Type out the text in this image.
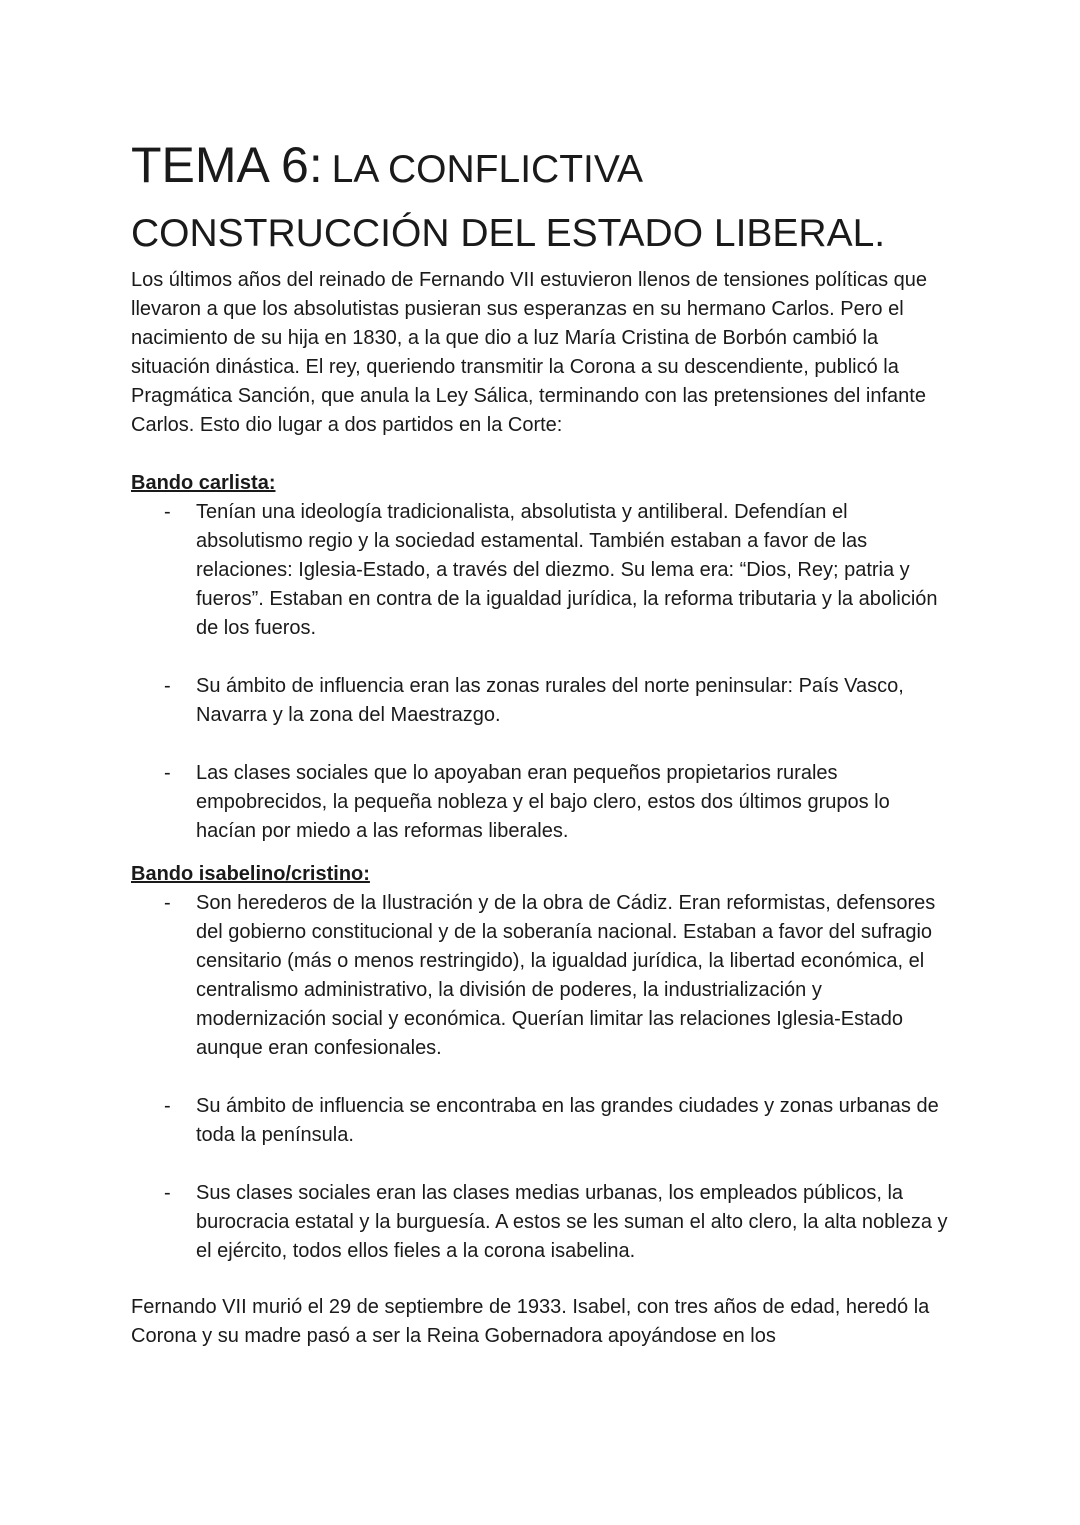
TEMA 6: LA CONFLICTIVA
CONSTRUCCIÓN DEL ESTADO LIBERAL.

Los últimos años del reinado de Fernando VII estuvieron llenos de tensiones políticas que llevaron a que los absolutistas pusieran sus esperanzas en su hermano Carlos. Pero el nacimiento de su hija en 1830, a la que dio a luz María Cristina de Borbón cambió la situación dinástica. El rey, queriendo transmitir la Corona a su descendiente, publicó la Pragmática Sanción, que anula la Ley Sálica, terminando con las pretensiones del infante Carlos. Esto dio lugar a dos partidos en la Corte:

Bando carlista:

- Tenían una ideología tradicionalista, absolutista y antiliberal. Defendían el absolutismo regio y la sociedad estamental. También estaban a favor de las relaciones: Iglesia-Estado, a través del diezmo. Su lema era: “Dios, Rey; patria y fueros”. Estaban en contra de la igualdad jurídica, la reforma tributaria y la abolición de los fueros.
- Su ámbito de influencia eran las zonas rurales del norte peninsular: País Vasco, Navarra y la zona del Maestrazgo.
- Las clases sociales que lo apoyaban eran pequeños propietarios rurales empobrecidos, la pequeña nobleza y el bajo clero, estos dos últimos grupos lo hacían por miedo a las reformas liberales.

Bando isabelino/cristino:

- Son herederos de la Ilustración y de la obra de Cádiz. Eran reformistas, defensores del gobierno constitucional y de la soberanía nacional. Estaban a favor del sufragio censitario (más o menos restringido), la igualdad jurídica, la libertad económica, el centralismo administrativo, la división de poderes, la industrialización y modernización social y económica. Querían limitar las relaciones Iglesia-Estado aunque eran confesionales.
- Su ámbito de influencia se encontraba en las grandes ciudades y zonas urbanas de toda la península.
- Sus clases sociales eran las clases medias urbanas, los empleados públicos, la burocracia estatal y la burguesía. A estos se les suman el alto clero, la alta nobleza y el ejército, todos ellos fieles a la corona isabelina.

Fernando VII murió el 29 de septiembre de 1933. Isabel, con tres años de edad, heredó la Corona y su madre pasó a ser la Reina Gobernadora apoyándose en los
